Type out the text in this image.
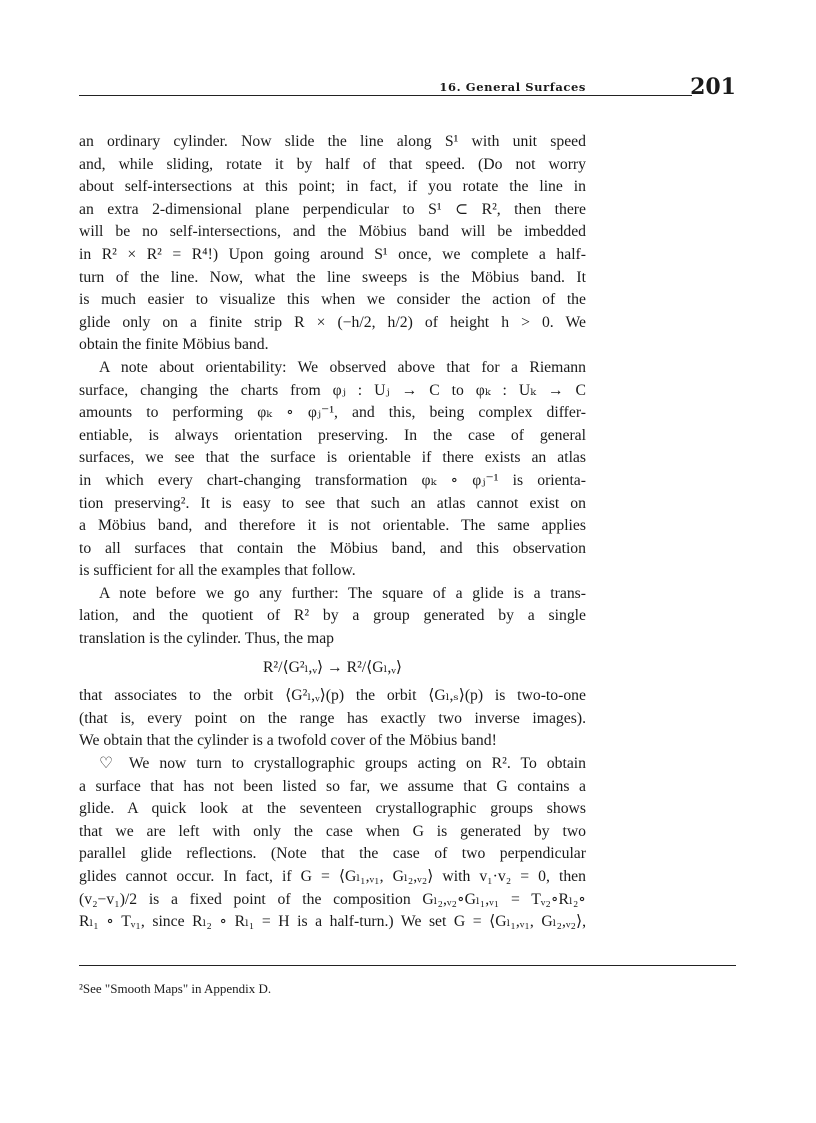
16. General Surfaces	201
an ordinary cylinder. Now slide the line along S¹ with unit speed
and, while sliding, rotate it by half of that speed. (Do not worry
about self-intersections at this point; in fact, if you rotate the line in
an extra 2-dimensional plane perpendicular to S¹ ⊂ R², then there
will be no self-intersections, and the Möbius band will be imbedded
in R² × R² = R⁴!) Upon going around S¹ once, we complete a half-
turn of the line. Now, what the line sweeps is the Möbius band. It
is much easier to visualize this when we consider the action of the
glide only on a finite strip R × (−h/2, h/2) of height h > 0. We
obtain the finite Möbius band.
A note about orientability: We observed above that for a Riemann
surface, changing the charts from φⱼ : Uⱼ → C to φₖ : Uₖ → C
amounts to performing φₖ ∘ φⱼ⁻¹, and this, being complex differ-
entiable, is always orientation preserving. In the case of general
surfaces, we see that the surface is orientable if there exists an atlas
in which every chart-changing transformation φₖ ∘ φⱼ⁻¹ is orienta-
tion preserving². It is easy to see that such an atlas cannot exist on
a Möbius band, and therefore it is not orientable. The same applies
to all surfaces that contain the Möbius band, and this observation
is sufficient for all the examples that follow.
A note before we go any further: The square of a glide is a trans-
lation, and the quotient of R² by a group generated by a single
translation is the cylinder. Thus, the map
R²/⟨G²ₗ,ᵥ⟩ → R²/⟨Gₗ,ᵥ⟩
that associates to the orbit ⟨G²ₗ,ᵥ⟩(p) the orbit ⟨Gₗ,ₛ⟩(p) is two-to-one
(that is, every point on the range has exactly two inverse images).
We obtain that the cylinder is a twofold cover of the Möbius band!
♡ We now turn to crystallographic groups acting on R². To obtain
a surface that has not been listed so far, we assume that G contains a
glide. A quick look at the seventeen crystallographic groups shows
that we are left with only the case when G is generated by two
parallel glide reflections. (Note that the case of two perpendicular
glides cannot occur. In fact, if G = ⟨Gₗ₁,ᵥ₁, Gₗ₂,ᵥ₂⟩ with v₁·v₂ = 0, then
(v₂−v₁)/2 is a fixed point of the composition Gₗ₂,ᵥ₂∘Gₗ₁,ᵥ₁ = Tᵥ₂∘Rₗ₂∘
Rₗ₁ ∘ Tᵥ₁, since Rₗ₂ ∘ Rₗ₁ = H is a half-turn.) We set G = ⟨Gₗ₁,ᵥ₁, Gₗ₂,ᵥ₂⟩,
²See "Smooth Maps" in Appendix D.
